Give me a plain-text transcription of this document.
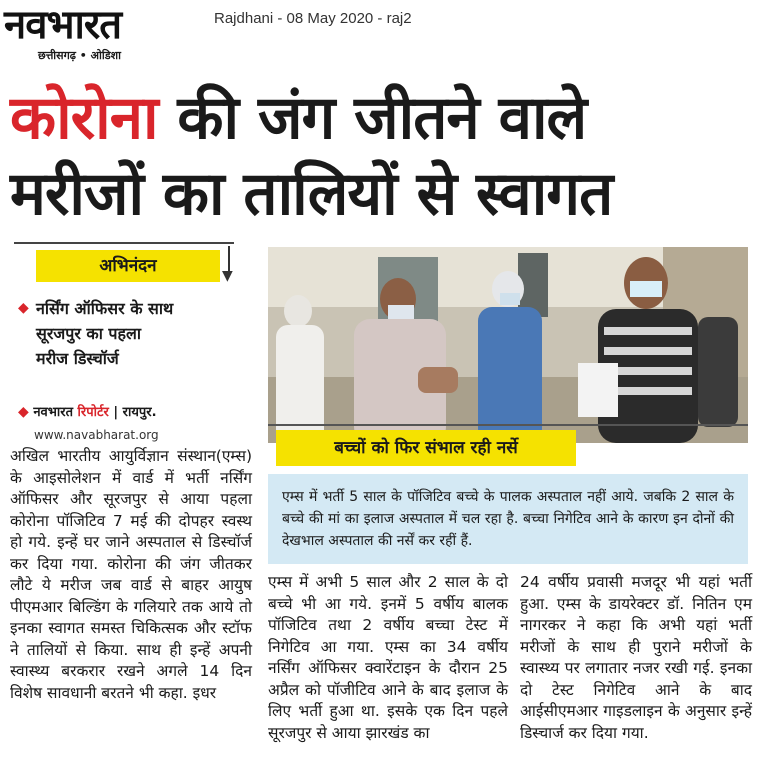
नवभारत
छत्तीसगढ़ • ओडिशा
Rajdhani - 08 May 2020 - raj2
कोरोना की जंग जीतने वाले
मरीजों का तालियों से स्वागत
अभिनंदन	▼
◆ नर्सिंग ऑफिसर के साथ
सूरजपुर का पहला
मरीज डिस्चॉर्ज
◆ नवभारत रिपोर्टर | रायपुर.
www.navabharat.org

अखिल भारतीय आयुर्विज्ञान संस्थान(एम्स) के आइसोलेशन में वार्ड में भर्ती नर्सिंग ऑफिसर और सूरजपुर से आया पहला कोरोना पॉजिटिव 7 मई की दोपहर स्वस्थ हो गये. इन्हें घर जाने अस्पताल से डिस्चॉर्ज कर दिया गया. कोरोना की जंग जीतकर लौटे ये मरीज जब वार्ड से बाहर आयुष पीएमआर बिल्डिंग के गलियारे तक आये तो इनका स्वागत समस्त चिकित्सक और स्टॉफ ने तालियों से किया. साथ ही इन्हें अपनी स्वास्थ्य बरकरार रखने अगले 14 दिन विशेष सावधानी बरतने भी कहा. इधर

बच्चों को फिर संभाल रही नर्से
एम्स में भर्ती 5 साल के पॉजिटिव बच्चे के पालक अस्पताल नहीं आये. जबकि 2 साल के बच्चे की मां का इलाज अस्पताल में चल रहा है. बच्चा निगेटिव आने के कारण इन दोनों की देखभाल अस्पताल की नर्सें कर रहीं हैं.

एम्स में अभी 5 साल और 2 साल के दो बच्चे भी आ गये. इनमें 5 वर्षीय बालक पॉजिटिव तथा 2 वर्षीय बच्चा टेस्ट में निगेटिव आ गया. एम्स का 34 वर्षीय नर्सिंग ऑफिसर क्वारेंटाइन के दौरान 25 अप्रैल को पॉजीटिव आने के बाद इलाज के लिए भर्ती हुआ था. इसके एक दिन पहले सूरजपुर से आया झारखंड का

24 वर्षीय प्रवासी मजदूर भी यहां भर्ती हुआ. एम्स के डायरेक्टर डॉ. नितिन एम नागरकर ने कहा कि अभी यहां भर्ती मरीजों के साथ ही पुराने मरीजों के स्वास्थ्य पर लगातार नजर रखी गई. इनका दो टेस्ट निगेटिव आने के बाद आईसीएमआर गाइडलाइन के अनुसार इन्हें डिस्चार्ज कर दिया गया.
